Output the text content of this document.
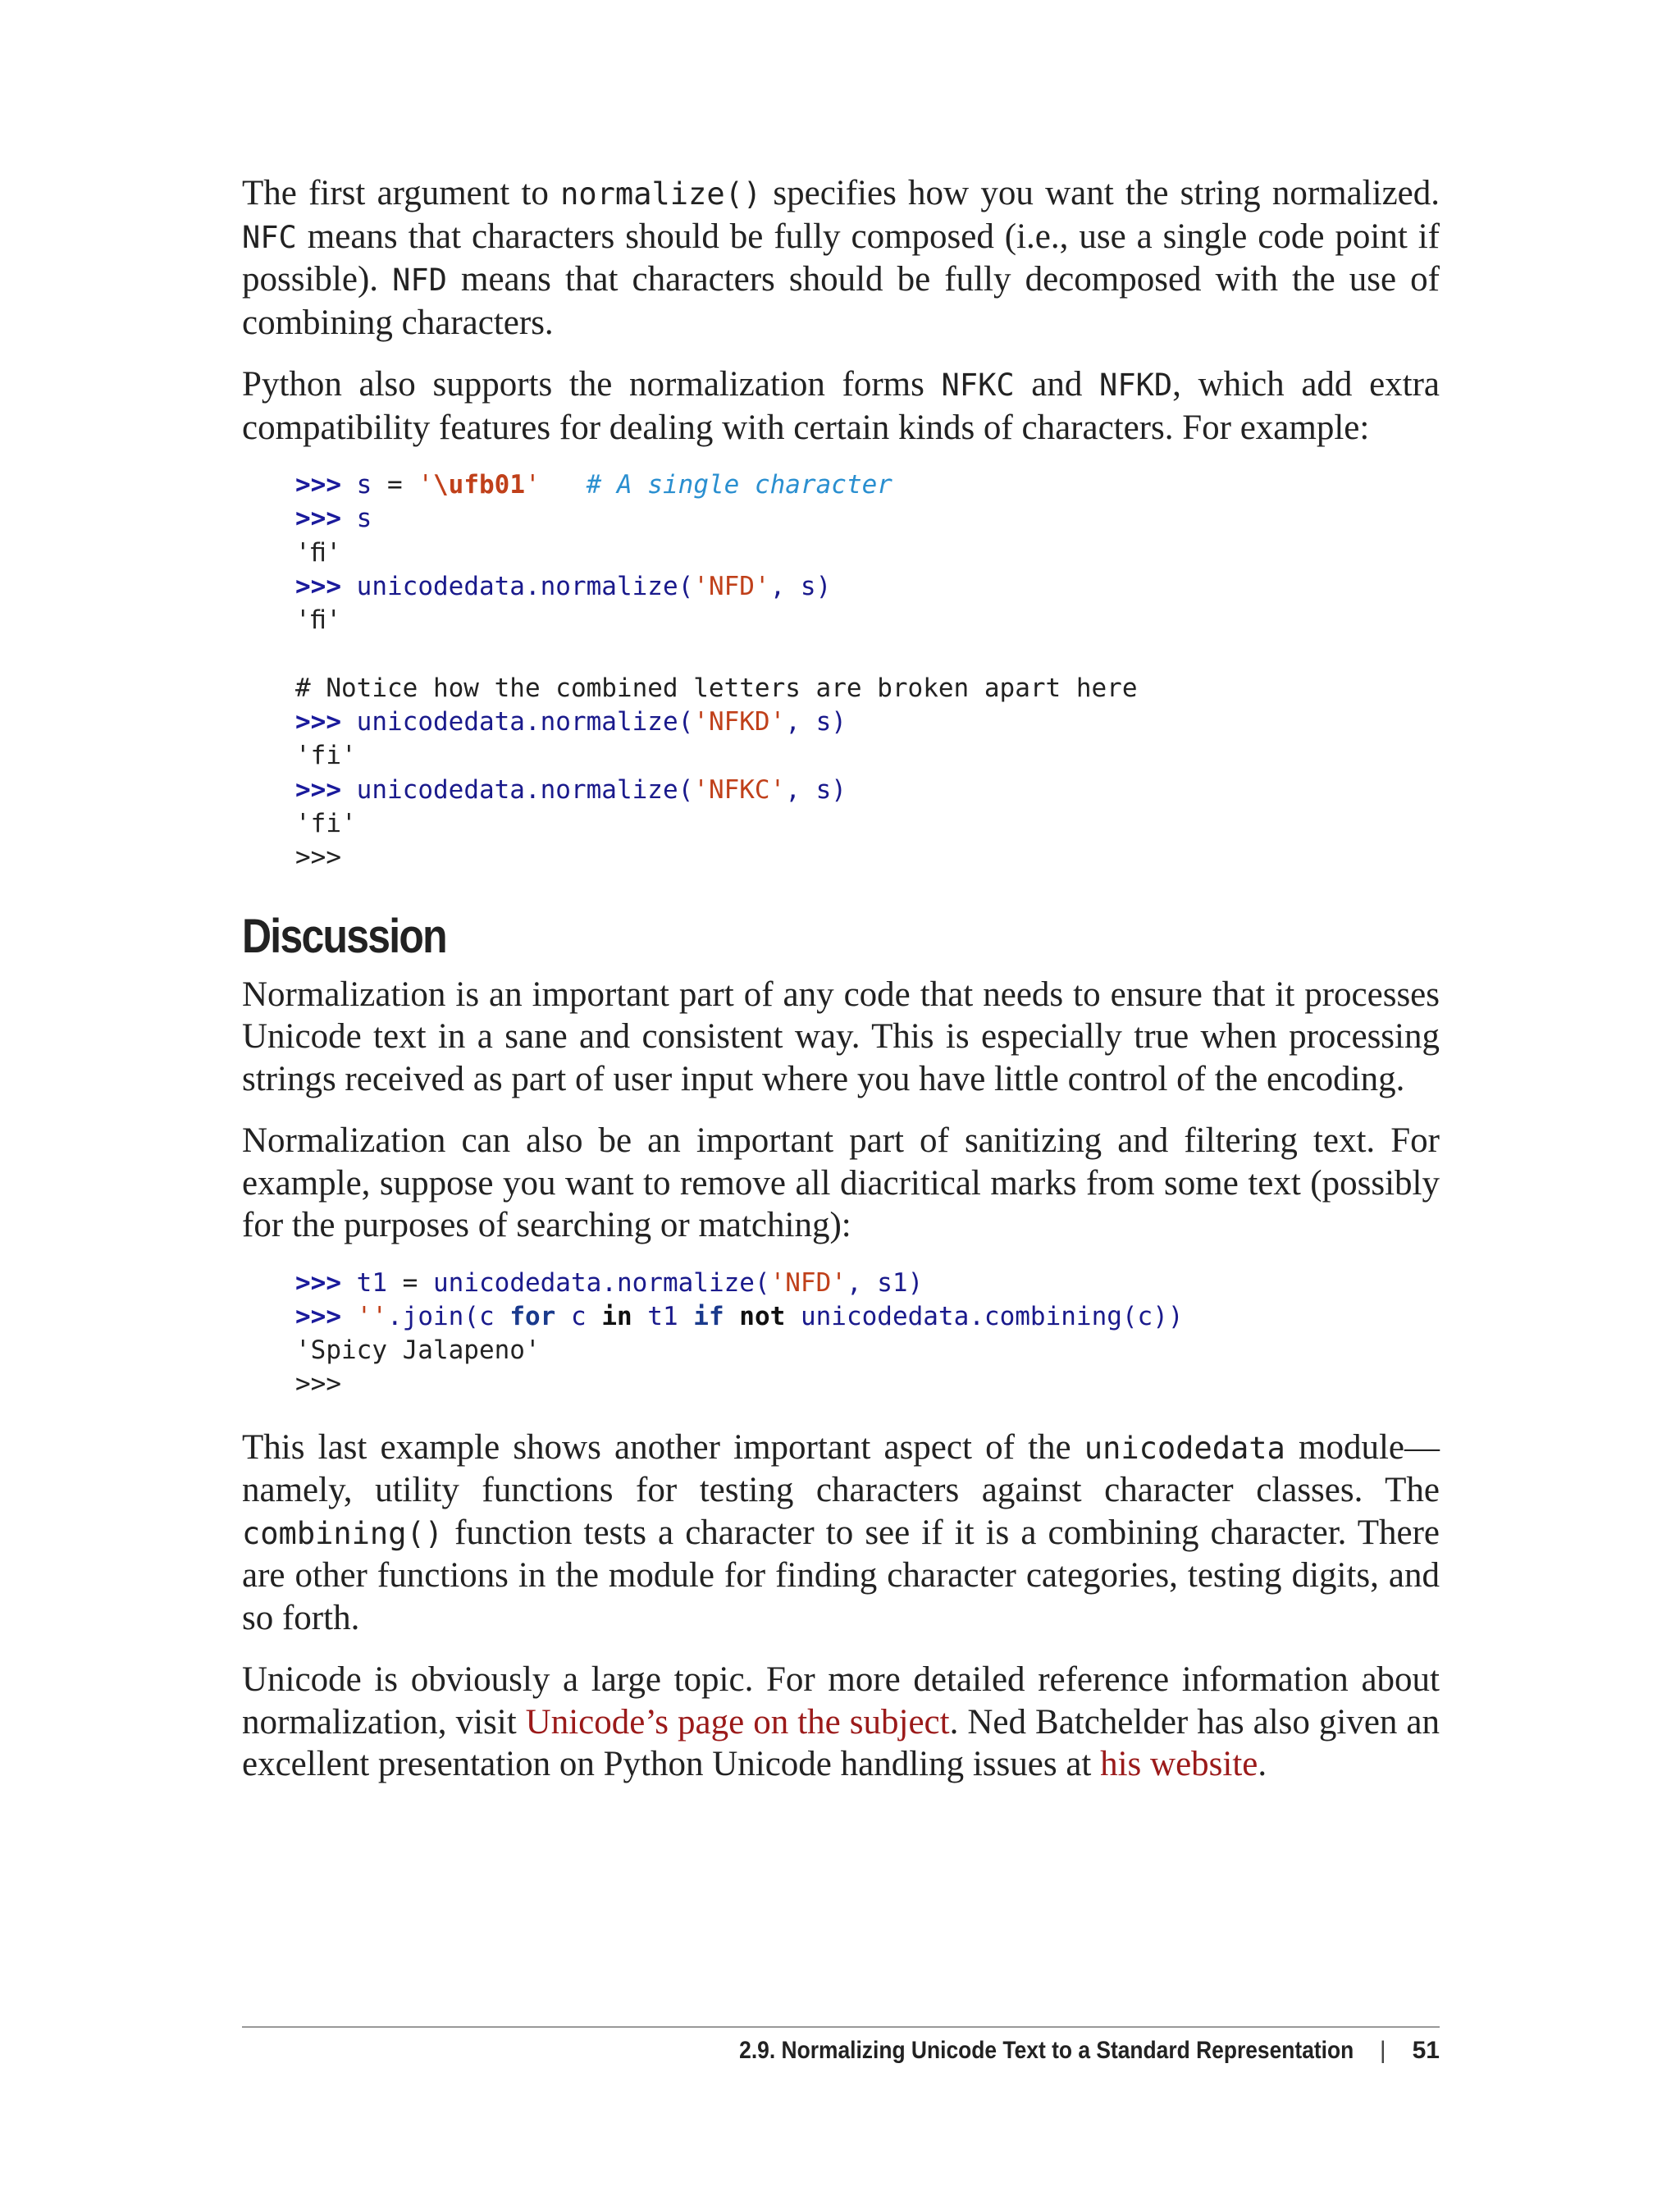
The first argument to normalize() specifies how you want the string normalized. NFC means that characters should be fully composed (i.e., use a single code point if possible). NFD means that characters should be fully decomposed with the use of combining characters.

Python also supports the normalization forms NFKC and NFKD, which add extra compatibility features for dealing with certain kinds of characters. For example:

>>> s = '\ufb01' # A single character
>>> s
'ﬁ'
>>> unicodedata.normalize('NFD', s)
'ﬁ'

# Notice how the combined letters are broken apart here
>>> unicodedata.normalize('NFKD', s)
'fi'
>>> unicodedata.normalize('NFKC', s)
'fi'
>>>
Discussion

Normalization is an important part of any code that needs to ensure that it processes Unicode text in a sane and consistent way. This is especially true when processing strings received as part of user input where you have little control of the encoding.

Normalization can also be an important part of sanitizing and filtering text. For example, suppose you want to remove all diacritical marks from some text (possibly for the purposes of searching or matching):

>>> t1 = unicodedata.normalize('NFD', s1)
>>> ''.join(c for c in t1 if not unicodedata.combining(c))
'Spicy Jalapeno'
>>>

This last example shows another important aspect of the unicodedata module—namely, utility functions for testing characters against character classes. The combining() function tests a character to see if it is a combining character. There are other functions in the module for finding character categories, testing digits, and so forth.

Unicode is obviously a large topic. For more detailed reference information about normalization, visit Unicode’s page on the subject. Ned Batchelder has also given an excellent presentation on Python Unicode handling issues at his website.

2.9. Normalizing Unicode Text to a Standard Representation | 51
